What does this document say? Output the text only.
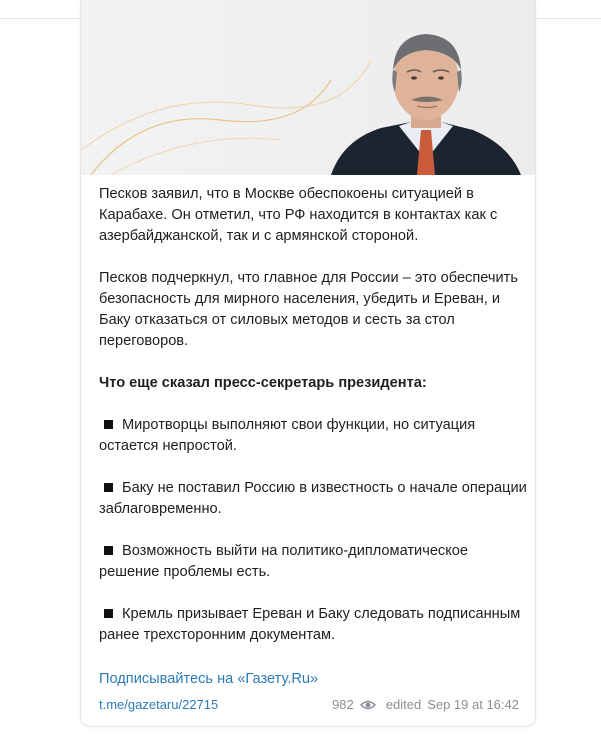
Песков заявил, что в Москве обеспокоены ситуацией в Карабахе. Он отметил, что РФ находится в контактах как с азербайджанской, так и с армянской стороной.

Песков подчеркнул, что главное для России – это обеспечить безопасность для мирного населения, убедить и Ереван, и Баку отказаться от силовых методов и сесть за стол переговоров.

Что еще сказал пресс-секретарь президента:

Миротворцы выполняют свои функции, но ситуация остается непростой.
Баку не поставил Россию в известность о начале операции заблаговременно.
Возможность выйти на политико-дипломатическое решение проблемы есть.
Кремль призывает Ереван и Баку следовать подписанным ранее трехсторонним документам.
Подписывайтесь на «Газету.Ru»
t.me/gazetaru/22715	982 edited Sep 19 at 16:42
